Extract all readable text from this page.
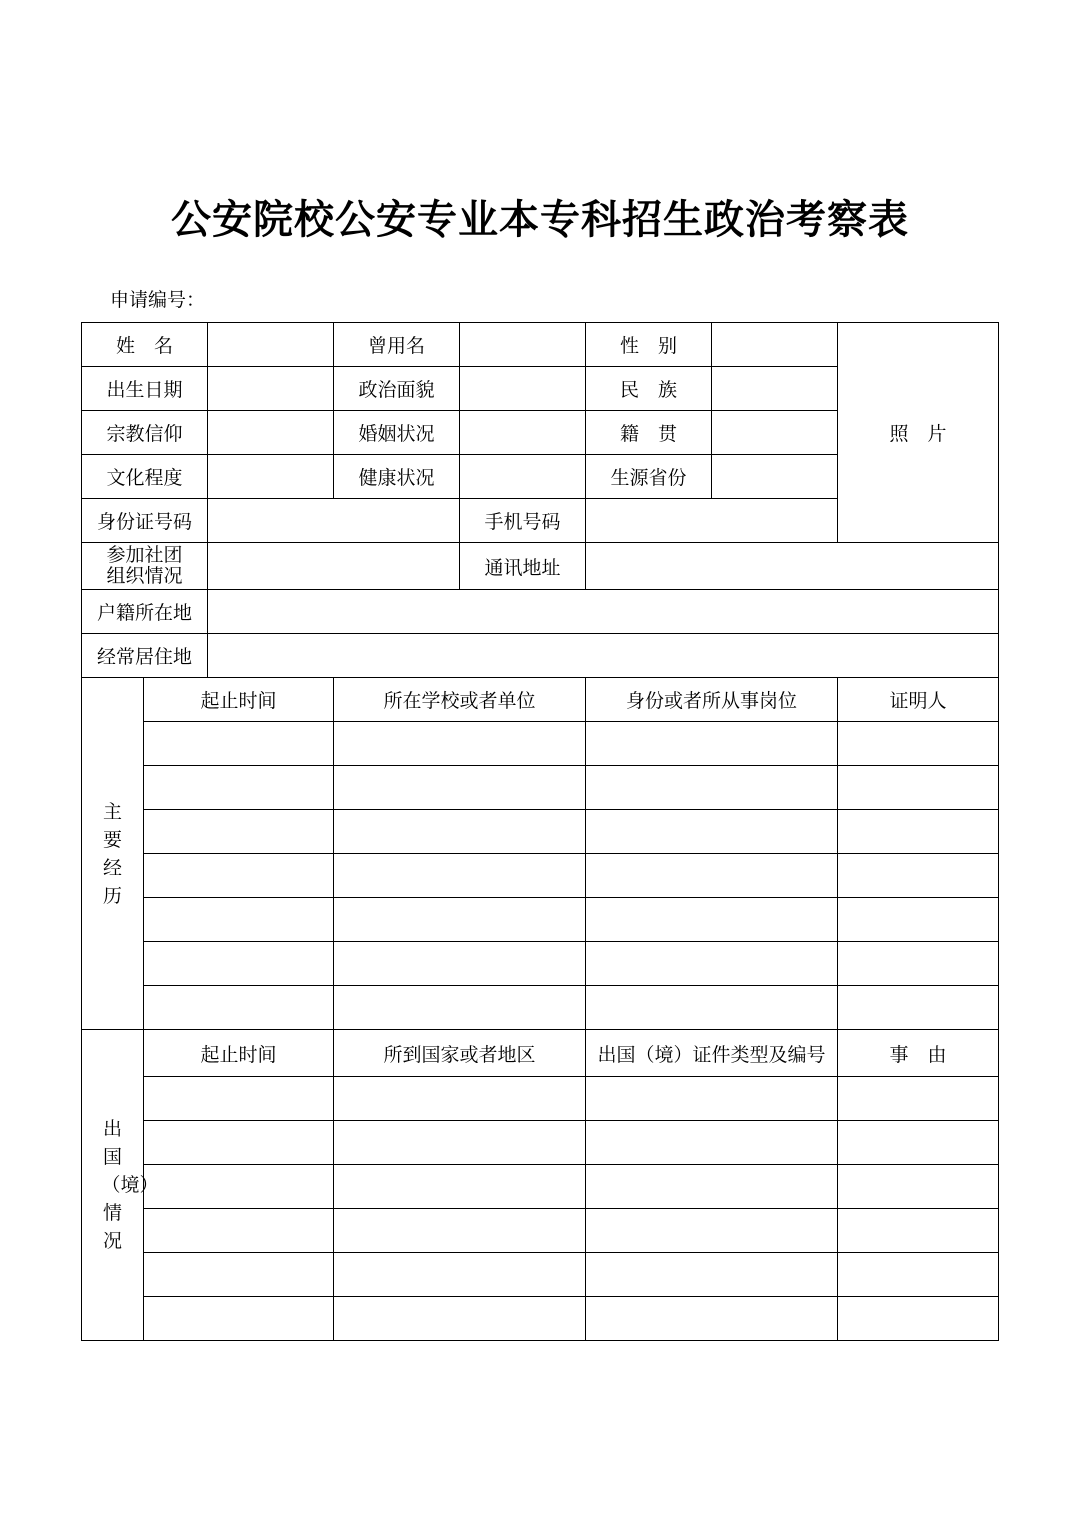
公安院校公安专业本专科招生政治考察表
申请编号：
姓　名			曾用名		性　别		照　片
出生日期			政治面貌		民　族		
宗教信仰			婚姻状况		籍　贯		
文化程度			健康状况		生源省份		
身份证号码				手机号码			

参加社团
组织情况				通讯地址			
户籍所在地							
经常居住地							
主要经历	起止时间		所在学校或者单位		身份或者所从事岗位		证明人

出国（境）情况	起止时间		所到国家或者地区		出国（境）证件类型及编号		事　由
